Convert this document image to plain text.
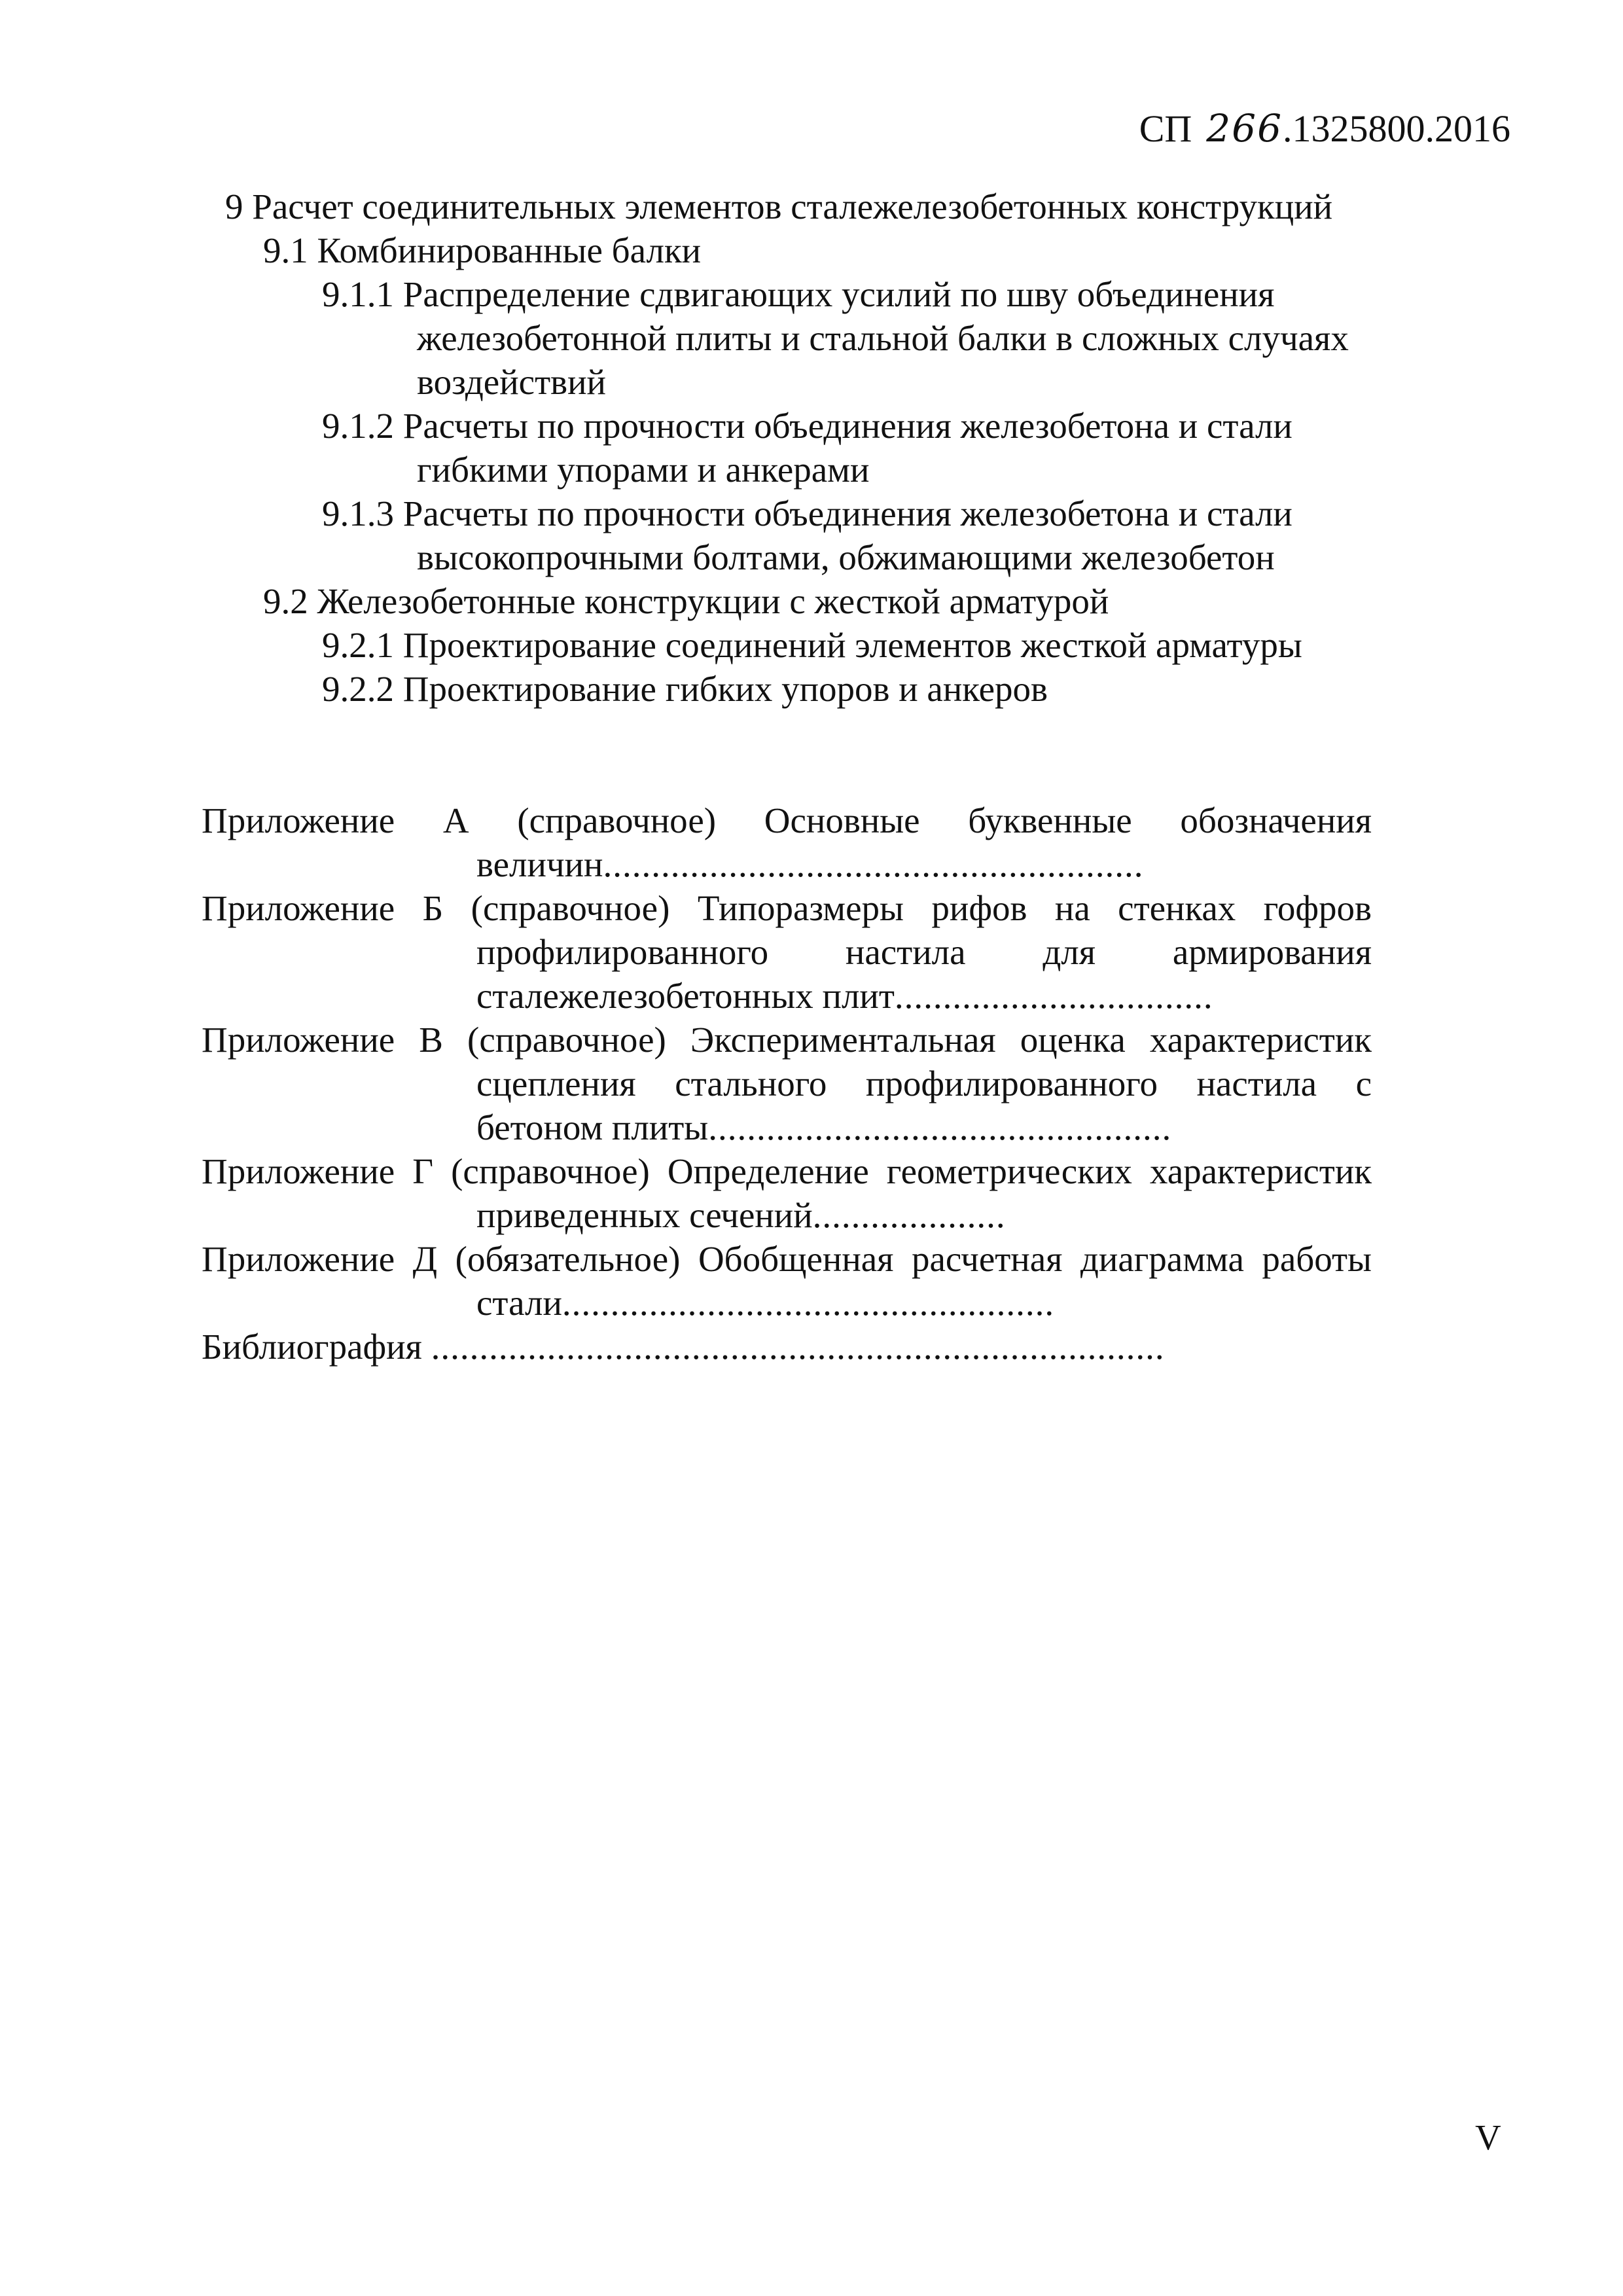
СП 266.1325800.2016
9 Расчет соединительных элементов сталежелезобетонных конструкций
9.1 Комбинированные балки
9.1.1 Распределение сдвигающих усилий по шву объединения железобетонной плиты и стальной балки в сложных случаях воздействий
9.1.2 Расчеты по прочности объединения железобетона и стали гибкими упорами и анкерами
9.1.3 Расчеты по прочности объединения железобетона и стали высокопрочными болтами, обжимающими железобетон
9.2 Железобетонные конструкции с жесткой арматурой
9.2.1 Проектирование соединений элементов жесткой арматуры
9.2.2 Проектирование гибких упоров и анкеров
Приложение А (справочное) Основные буквенные обозначения величин........................................................
Приложение Б (справочное) Типоразмеры рифов на стенках гофров профилированного настила для армирования сталежелезобетонных плит.................................
Приложение В (справочное) Экспериментальная оценка характеристик сцепления стального профилированного настила с бетоном плиты................................................
Приложение Г (справочное) Определение геометрических характеристик приведенных сечений....................
Приложение Д (обязательное) Обобщенная расчетная диаграмма работы стали...................................................
Библиография ............................................................................
V
